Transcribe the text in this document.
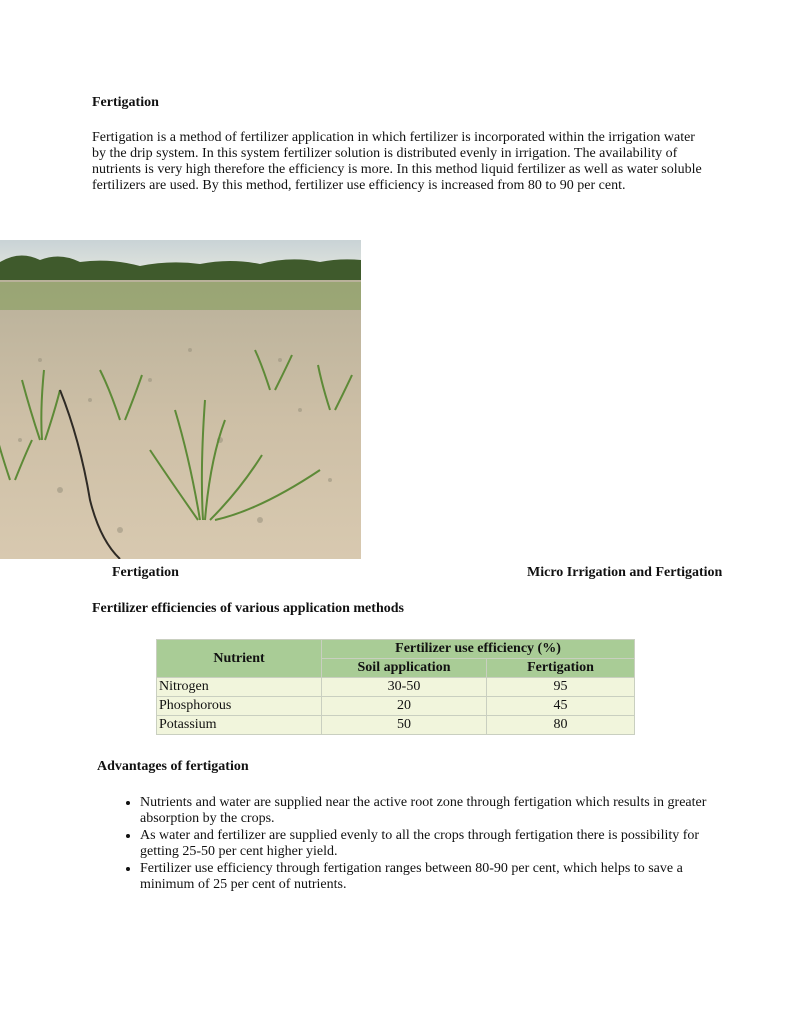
Fertigation

Fertigation is a method of fertilizer application in which fertilizer is incorporated within the irrigation water by the drip system. In this system fertilizer solution is distributed evenly in irrigation. The availability of nutrients is very high therefore the efficiency is more. In this method liquid fertilizer as well as water soluble fertilizers are used. By this method, fertilizer use efficiency is increased from 80 to 90 per cent.

Fertigation	Micro Irrigation and Fertigation
Fertilizer efficiencies of various application methods
Nutrient	Fertilizer use efficiency (%)	
	Soil application	Fertigation
Nitrogen	30-50	95
Phosphorous	20	45
Potassium	50	80
Advantages of fertigation
• Nutrients and water are supplied near the active root zone through fertigation which results in greater absorption by the crops.
• As water and fertilizer are supplied evenly to all the crops through fertigation there is possibility for getting 25-50 per cent higher yield.
• Fertilizer use efficiency through fertigation ranges between 80-90 per cent, which helps to save a minimum of 25 per cent of nutrients.
